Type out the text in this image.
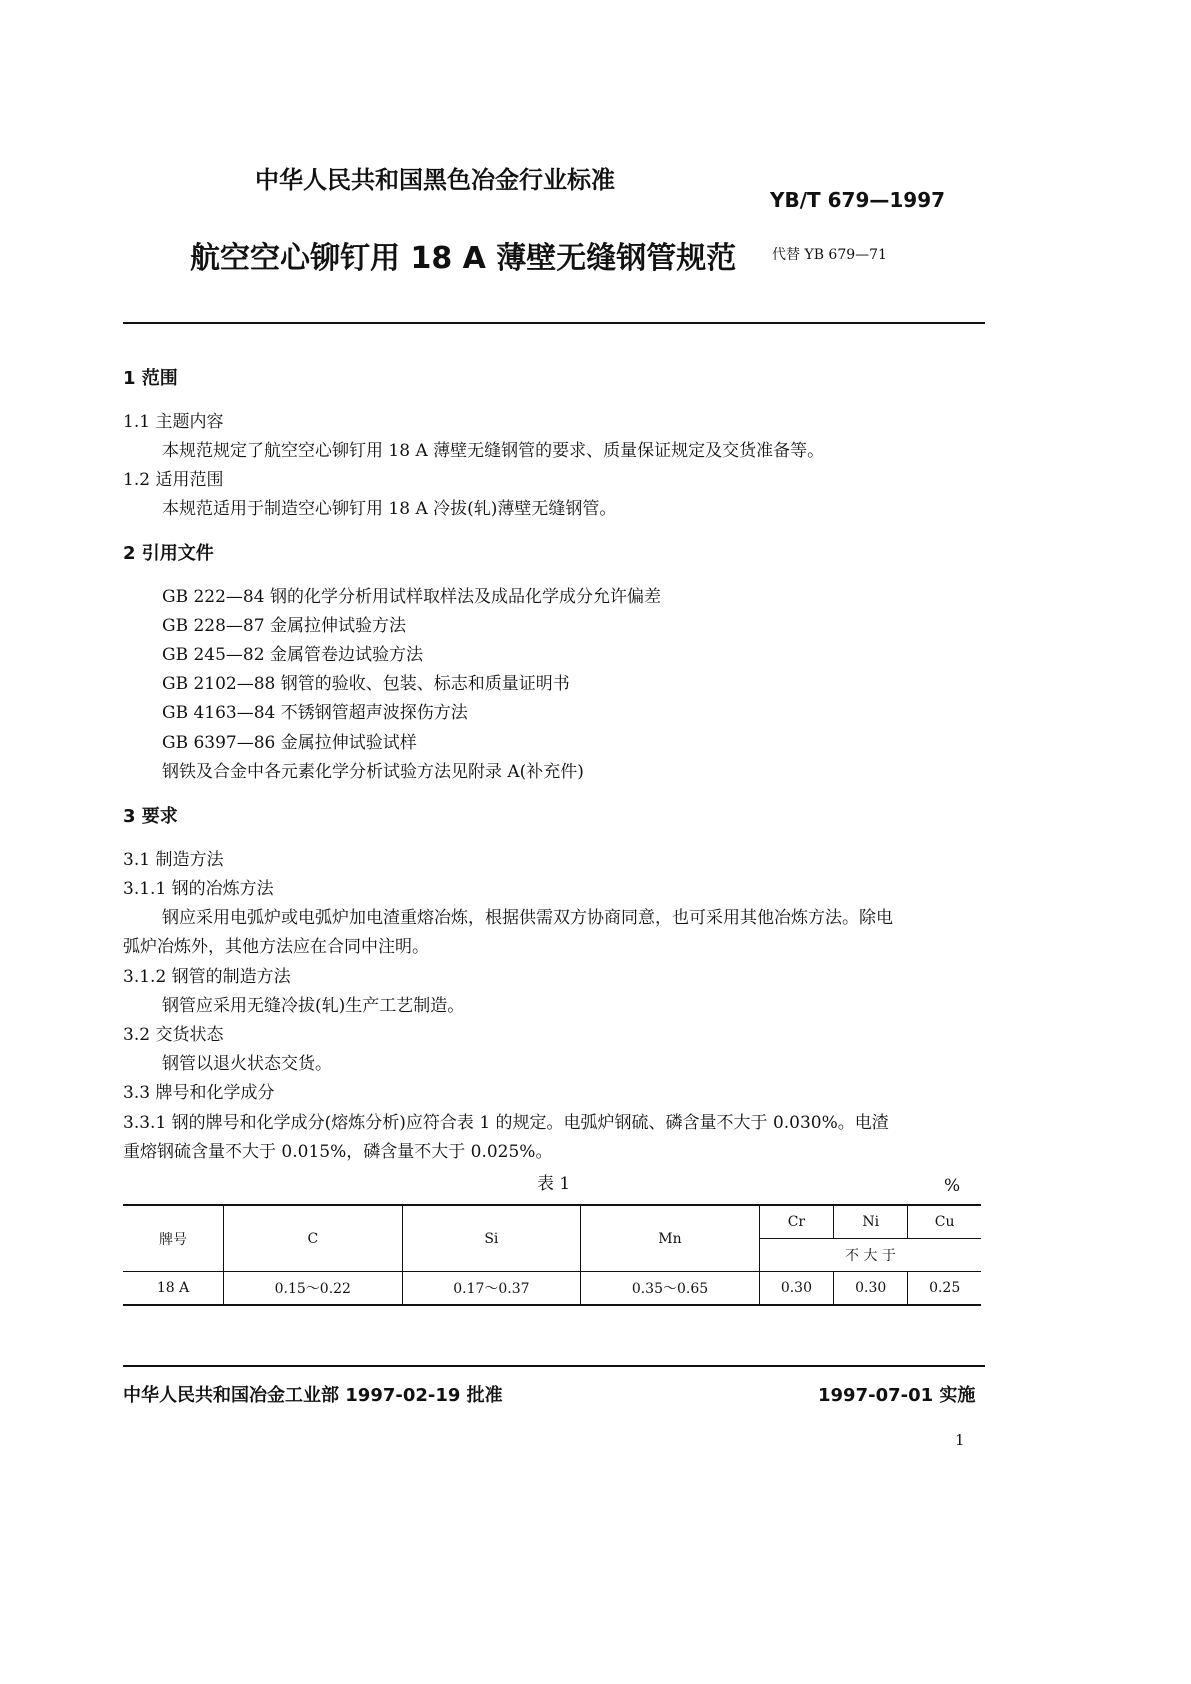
中华人民共和国黑色冶金行业标准
YB/T 679—1997
航空空心铆钉用 18 A 薄壁无缝钢管规范	代替 YB 679—71
1 范围
1.1 主题内容
本规范规定了航空空心铆钉用 18 A 薄壁无缝钢管的要求、质量保证规定及交货准备等。
1.2 适用范围
本规范适用于制造空心铆钉用 18 A 冷拔(轧)薄壁无缝钢管。
2 引用文件
GB 222—84 钢的化学分析用试样取样法及成品化学成分允许偏差
GB 228—87 金属拉伸试验方法
GB 245—82 金属管卷边试验方法
GB 2102—88 钢管的验收、包装、标志和质量证明书
GB 4163—84 不锈钢管超声波探伤方法
GB 6397—86 金属拉伸试验试样
钢铁及合金中各元素化学分析试验方法见附录 A(补充件)
3 要求
3.1 制造方法
3.1.1 钢的冶炼方法
钢应采用电弧炉或电弧炉加电渣重熔冶炼，根据供需双方协商同意，也可采用其他冶炼方法。除电
弧炉冶炼外，其他方法应在合同中注明。
3.1.2 钢管的制造方法
钢管应采用无缝冷拔(轧)生产工艺制造。
3.2 交货状态
钢管以退火状态交货。
3.3 牌号和化学成分
3.3.1 钢的牌号和化学成分(熔炼分析)应符合表 1 的规定。电弧炉钢硫、磷含量不大于 0.030%。电渣
重熔钢硫含量不大于 0.015%，磷含量不大于 0.025%。
表 1	%
牌号	C	Si	Mn	Cr	Ni	Cu
				不 大 于		
18 A	0.15～0.22	0.17～0.37	0.35～0.65	0.30	0.30	0.25
中华人民共和国冶金工业部 1997-02-19 批准	1997-07-01 实施
1
